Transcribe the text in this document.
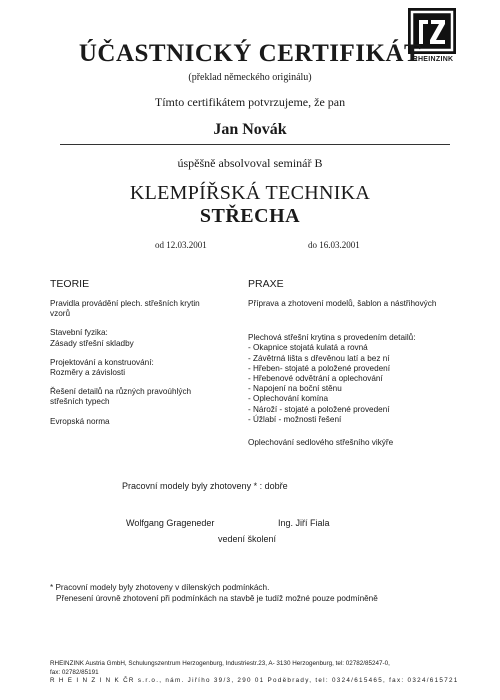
RHEINZINK
ÚČASTNICKÝ CERTIFIKÁT
(překlad německého originálu)
Tímto certifikátem potvrzujeme, že pan
Jan Novák
úspěšně absolvoval seminář B
KLEMPÍŘSKÁ TECHNIKA
STŘECHA
od 12.03.2001	do 16.03.2001
TEORIE
Pravidla provádění plech. střešních krytin
vzorů
Stavební fyzika:
Zásady střešní skladby
Projektování a konstruování:
Rozměry a závislosti
Řešení detailů na různých pravoúhlých
střešních typech
Evropská norma
PRAXE
Příprava a zhotovení modelů, šablon a nástřihových
Plechová střešní krytina s provedením detailů:
- Okapnice stojatá kulatá a rovná
- Závětrná lišta s dřevěnou latí a bez ní
- Hřeben- stojaté a položené provedení
- Hřebenové odvětrání a oplechování
- Napojení na boční stěnu
- Oplechování komína
- Nároží - stojaté a položené provedení
- Úžlabí - možnosti řešení
Oplechování sedlového střešního vikýře
Pracovní modely byly zhotoveny * : dobře
Wolfgang Grageneder	Ing. Jiří Fiala
vedení školení
* Pracovní modely byly zhotoveny v dílenských podmínkách.
Přenesení úrovně zhotovení při podmínkách na stavbě je tudíž možné pouze podmíněně
RHEINZINK Austria GmbH, Schulungszentrum Herzogenburg, Industriestr.23, A- 3130 Herzogenburg, tel: 02782/85247-0,
fax: 02782/85191
R H E I N Z I N K ČR s.r.o., nám. Jiřího 39/3, 290 01 Poděbrady, tel: 0324/615465, fax: 0324/615721
